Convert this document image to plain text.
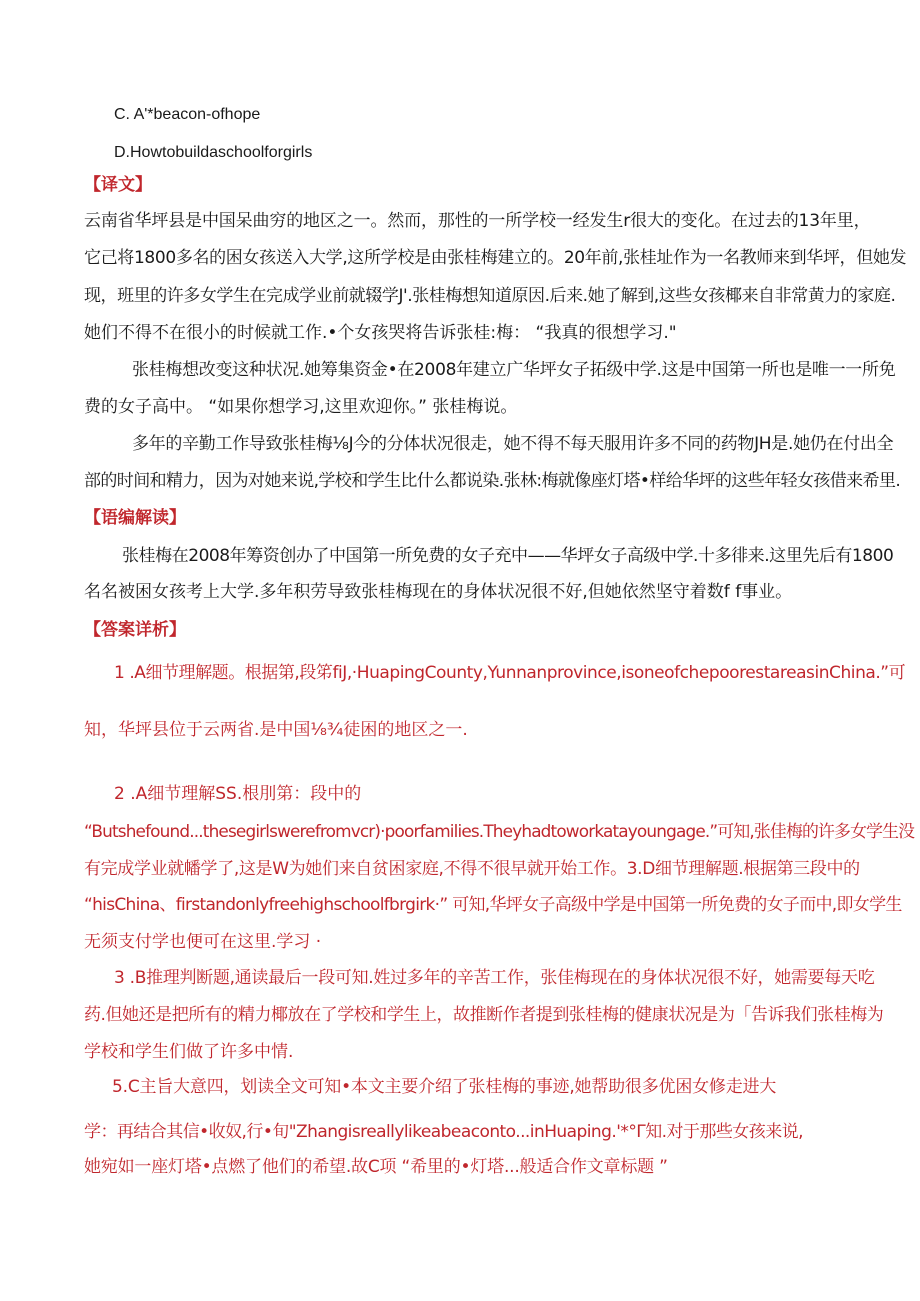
C. A'*beacon-ofhope
D.Howtobuildaschoolforgirls
【译文】
云南省华坪县是中国呆曲穷的地区之一。然而，那性的一所学校一经发生r很大的变化。在过去的13年里，
它己将1800多名的困女孩送入大学,这所学校是由张桂梅建立的。20年前,张桂址作为一名教师来到华坪，但她发
现，班里的许多女学生在完成学业前就辍学J'.张桂梅想知道原因.后来.她了解到,这些女孩椰来自非常黄力的家庭.
她们不得不在很小的时候就工作.•个女孩哭将告诉张桂:梅： “我真的很想学习."
张桂梅想改变这种状况.她筹集资金•在2008年建立广华坪女子拓级中学.这是中国第一所也是唯一一所免
费的女子高中。 “如果你想学习,这里欢迎你。” 张桂梅说。
多年的辛勤工作导致张桂梅⅛J今的分体状况很走，她不得不每天服用许多不同的药物JH是.她仍在付出全
部的时间和精力，因为对她来说,学校和学生比什么都说染.张林:梅就像座灯塔•样给华坪的这些年轻女孩借来希里.
【语编解读】
张桂梅在2008年筹资创办了中国第一所免费的女子充中——华坪女子高级中学.十多徘来.这里先后有1800
名名被困女孩考上大学.多年积劳导致张桂梅现在的身体状况很不好,但她依然坚守着数f f事业。
【答案详析】
1 .A细节理解题。根据第,段笫fiJ,·HuapingCounty,Yunnanprovince,isoneofchepoorestareasinChina.”可
知，华坪县位于云两省.是中国⅛¾徒困的地区之一.
2 .A细节理解SS.根刖第：段中的
“Butshefound...thesegirlswerefromvcr)·poorfamilies.Theyhadtoworkatayoungage.”可知,张佳梅的许多女学生没
有完成学业就幡学了,这是W为她们来自贫困家庭,不得不很早就开始工作。3.D细节理解题.根据第三段中的
“hisChina、firstandonlyfreehighschoolfbrgirk·” 可知,华坪女子高级中学是中国第一所免费的女子而中,即女学生
无须支付学也便可在这里.学习 ·
3 .B推理判断题,通读最后一段可知.姓过多年的辛苦工作，张佳梅现在的身体状况很不好，她需要每天吃
药.但她还是把所有的精力椰放在了学校和学生上，故推断作者提到张桂梅的健康状况是为「告诉我们张桂梅为
学校和学生们做了许多中情.
5.C主旨大意四，划读全文可知•本文主要介绍了张桂梅的事迹,她帮助很多优困女修走进大
学：再结合其信•收奴,行•旬"Zhangisreallylikeabeaconto...inHuaping.'*°Γ知.对于那些女孩来说,
她宛如一座灯塔•点燃了他们的希望.故C项 “希里的•灯塔...般适合作文章标题 ”
